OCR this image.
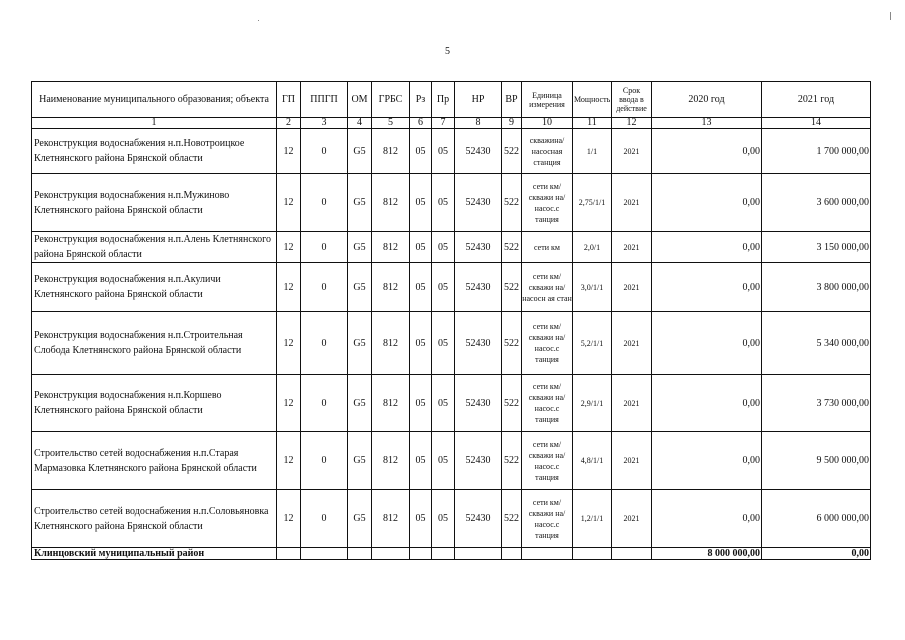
5
Наименование муниципального образования; объекта	ГП	ППГП	ОМ	ГРБС	Рз	Пр	НР	ВР	Единица измерения	Мощность	Срок ввода в действие	2020 год	2021 год
1	2	3	4	5	6	7	8	9	10	11	12	13	14
Реконструкция водоснабжения н.п.Новотроицкое Клетнянского района Брянской области	12	0	G5	812	05	05	52430	522	скважина/ насосная станция	1/1	2021	0,00	1 700 000,00
Реконструкция водоснабжения н.п.Мужиново Клетнянского района Брянской области	12	0	G5	812	05	05	52430	522	сети км/скважи на/насос.с танция	2,75/1/1	2021	0,00	3 600 000,00
Реконструкция водоснабжения н.п.Алень Клетнянского района Брянской области	12	0	G5	812	05	05	52430	522	сети км	2,0/1	2021	0,00	3 150 000,00
Реконструкция водоснабжения н.п.Акуличи Клетнянского района Брянской области	12	0	G5	812	05	05	52430	522	сети км/скважи на/насосн ая стан	3,0/1/1	2021	0,00	3 800 000,00
Реконструкция водоснабжения н.п.Строительная Слобода Клетнянского района Брянской области	12	0	G5	812	05	05	52430	522	сети км/скважи на/насос.с танция	5,2/1/1	2021	0,00	5 340 000,00
Реконструкция водоснабжения н.п.Коршево Клетнянского района Брянской области	12	0	G5	812	05	05	52430	522	сети км/скважи на/насос.с танция	2,9/1/1	2021	0,00	3 730 000,00
Строительство сетей водоснабжения н.п.Старая Мармазовка Клетнянского района Брянской области	12	0	G5	812	05	05	52430	522	сети км/скважи на/насос.с танция	4,8/1/1	2021	0,00	9 500 000,00
Строительство сетей водоснабжения н.п.Соловьяновка Клетнянского района Брянской области	12	0	G5	812	05	05	52430	522	сети км/скважи на/насос.с танция	1,2/1/1	2021	0,00	6 000 000,00
Клинцовский муниципальный район												8 000 000,00	0,00
